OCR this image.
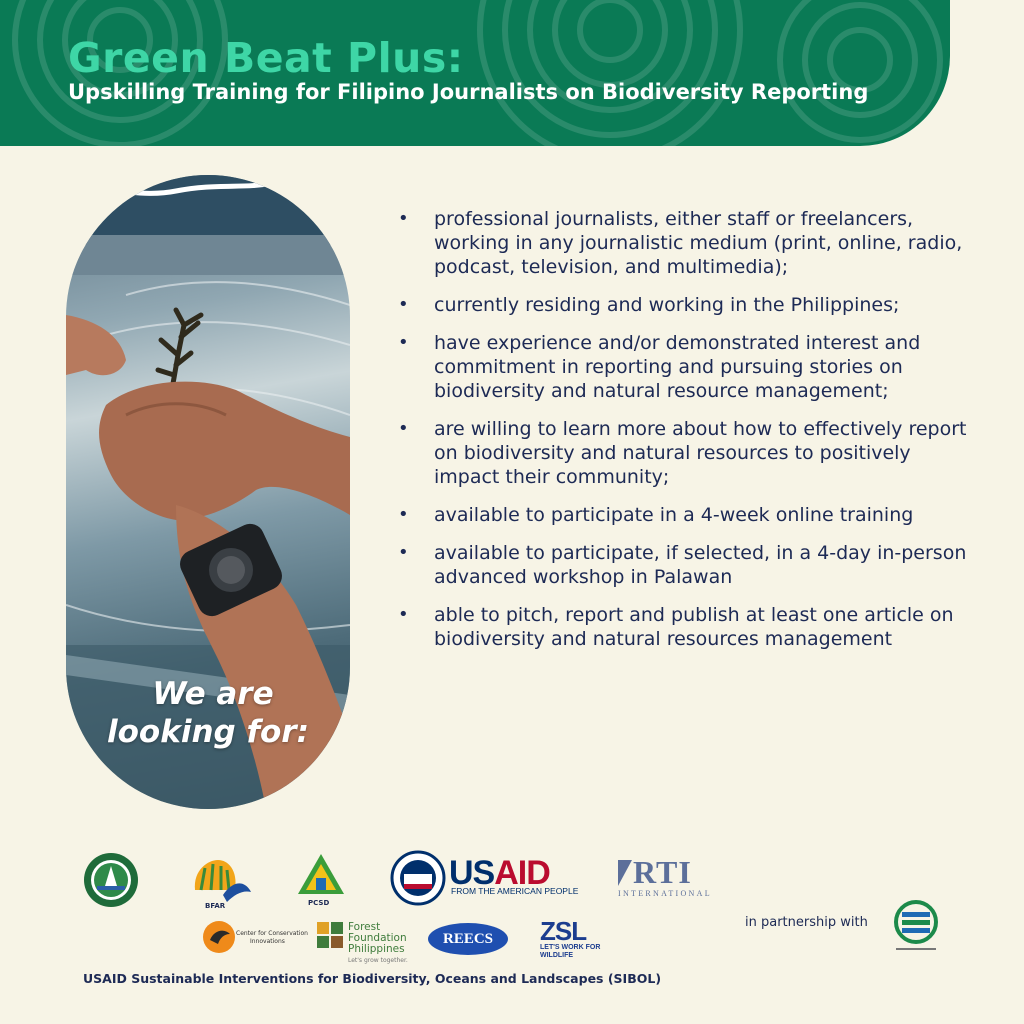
Green Beat Plus:
Upskilling Training for Filipino Journalists on Biodiversity Reporting
We are
looking for:
• professional journalists, either staff or freelancers, working in any journalistic medium (print, online, radio, podcast, television, and multimedia);
• currently residing and working in the Philippines;
• have experience and/or demonstrated interest and commitment in reporting and pursuing stories on biodiversity and natural resource management;
• are willing to learn more about how to effectively report on biodiversity and natural resources to positively impact their community;
• available to participate in a 4-week online training
• available to participate, if selected, in a 4-day in-person advanced workshop in Palawan
• able to pitch, report and publish at least one article on biodiversity and natural resources management
BFAR	PCSD
USAID
FROM THE AMERICAN PEOPLE
RTI
INTERNATIONAL
Center for Conservation
Innovations
Forest
Foundation
Philippines
Let's grow together.
REECS	ZSL
LET'S WORK FOR WILDLIFE
in partnership with
USAID Sustainable Interventions for Biodiversity, Oceans and Landscapes (SIBOL)
